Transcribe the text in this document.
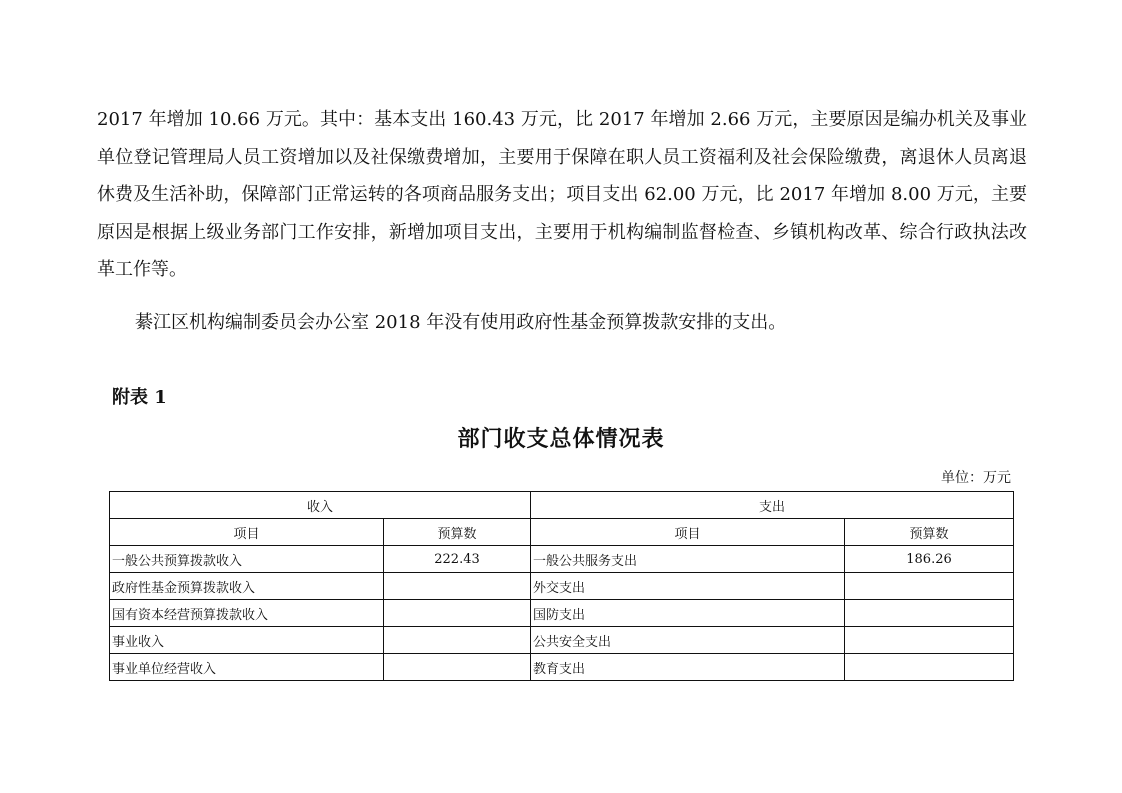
2017 年增加 10.66 万元。其中：基本支出 160.43 万元，比 2017 年增加 2.66 万元，主要原因是编办机关及事业单位登记管理局人员工资增加以及社保缴费增加，主要用于保障在职人员工资福利及社会保险缴费，离退休人员离退休费及生活补助，保障部门正常运转的各项商品服务支出；项目支出 62.00 万元，比 2017 年增加 8.00 万元，主要原因是根据上级业务部门工作安排，新增加项目支出，主要用于机构编制监督检查、乡镇机构改革、综合行政执法改革工作等。

綦江区机构编制委员会办公室 2018 年没有使用政府性基金预算拨款安排的支出。

附表 1

部门收支总体情况表

单位：万元

收入		支出	
项目	预算数	项目	预算数
一般公共预算拨款收入	222.43	一般公共服务支出	186.26
政府性基金预算拨款收入		外交支出	
国有资本经营预算拨款收入		国防支出	
事业收入		公共安全支出	
事业单位经营收入		教育支出	
